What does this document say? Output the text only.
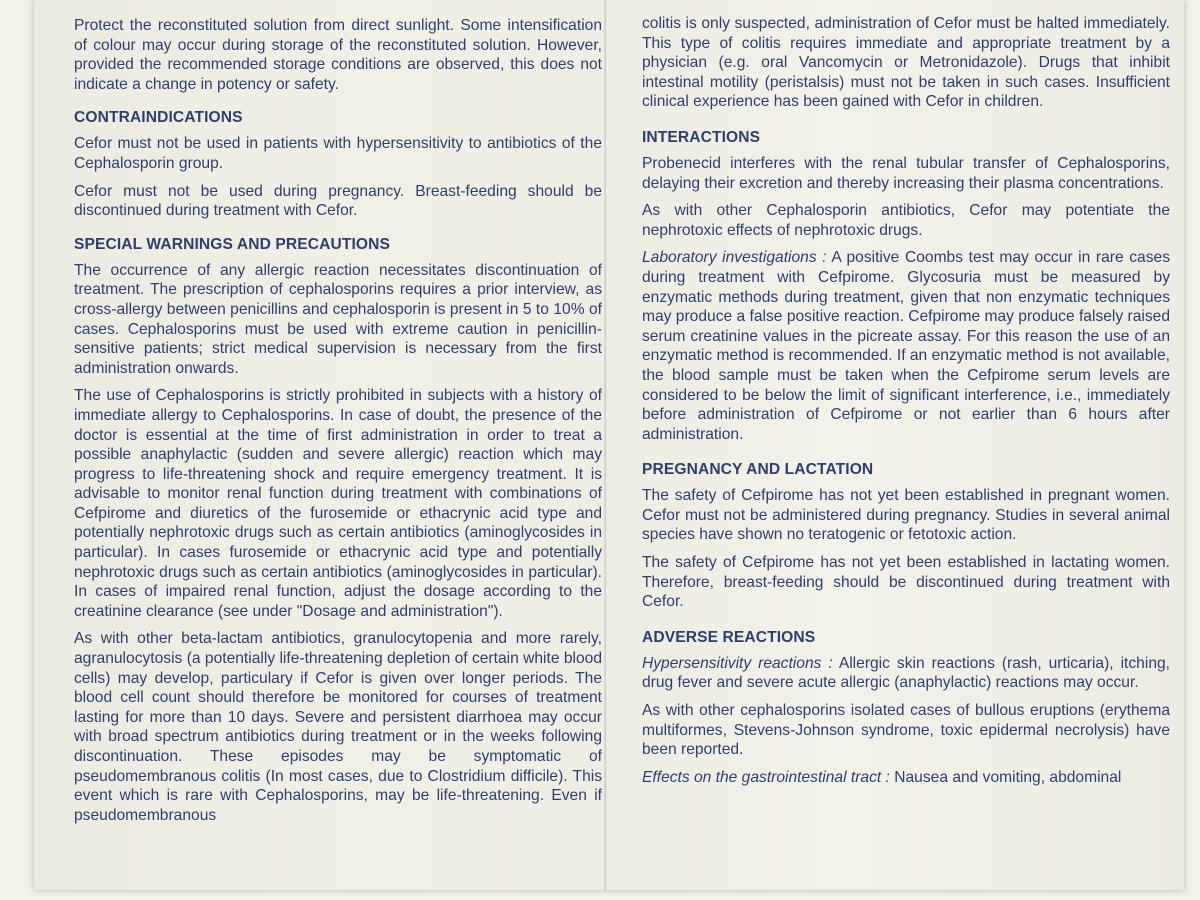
Protect the reconstituted solution from direct sunlight. Some intensification of colour may occur during storage of the reconstituted solution. However, provided the recommended storage conditions are observed, this does not indicate a change in potency or safety.

CONTRAINDICATIONS

Cefor must not be used in patients with hypersensitivity to antibiotics of the Cephalosporin group.

Cefor must not be used during pregnancy. Breast-feeding should be discontinued during treatment with Cefor.

SPECIAL WARNINGS AND PRECAUTIONS

The occurrence of any allergic reaction necessitates discontinuation of treatment. The prescription of cephalosporins requires a prior interview, as cross-allergy between penicillins and cephalosporin is present in 5 to 10% of cases. Cephalosporins must be used with extreme caution in penicillin-sensitive patients; strict medical supervision is necessary from the first administration onwards.

The use of Cephalosporins is strictly prohibited in subjects with a history of immediate allergy to Cephalosporins. In case of doubt, the presence of the doctor is essential at the time of first administration in order to treat a possible anaphylactic (sudden and severe allergic) reaction which may progress to life-threatening shock and require emergency treatment. It is advisable to monitor renal function during treatment with combinations of Cefpirome and diuretics of the furosemide or ethacrynic acid type and potentially nephrotoxic drugs such as certain antibiotics (aminoglycosides in particular). In cases furosemide or ethacrynic acid type and potentially nephrotoxic drugs such as certain antibiotics (aminoglycosides in particular). In cases of impaired renal function, adjust the dosage according to the creatinine clearance (see under "Dosage and administration").

As with other beta-lactam antibiotics, granulocytopenia and more rarely, agranulocytosis (a potentially life-threatening depletion of certain white blood cells) may develop, particulary if Cefor is given over longer periods. The blood cell count should therefore be monitored for courses of treatment lasting for more than 10 days. Severe and persistent diarrhoea may occur with broad spectrum antibiotics during treatment or in the weeks following discontinuation. These episodes may be symptomatic of pseudomembranous colitis (In most cases, due to Clostridium difficile). This event which is rare with Cephalosporins, may be life-threatening. Even if pseudomembranous

colitis is only suspected, administration of Cefor must be halted immediately. This type of colitis requires immediate and appropriate treatment by a physician (e.g. oral Vancomycin or Metronidazole). Drugs that inhibit intestinal motility (peristalsis) must not be taken in such cases. Insufficient clinical experience has been gained with Cefor in children.

INTERACTIONS

Probenecid interferes with the renal tubular transfer of Cephalosporins, delaying their excretion and thereby increasing their plasma concentrations.

As with other Cephalosporin antibiotics, Cefor may potentiate the nephrotoxic effects of nephrotoxic drugs.

Laboratory investigations : A positive Coombs test may occur in rare cases during treatment with Cefpirome. Glycosuria must be measured by enzymatic methods during treatment, given that non enzymatic techniques may produce a false positive reaction. Cefpirome may produce falsely raised serum creatinine values in the picreate assay. For this reason the use of an enzymatic method is recommended. If an enzymatic method is not available, the blood sample must be taken when the Cefpirome serum levels are considered to be below the limit of significant interference, i.e., immediately before administration of Cefpirome or not earlier than 6 hours after administration.

PREGNANCY AND LACTATION

The safety of Cefpirome has not yet been established in pregnant women. Cefor must not be administered during pregnancy. Studies in several animal species have shown no teratogenic or fetotoxic action.

The safety of Cefpirome has not yet been established in lactating women. Therefore, breast-feeding should be discontinued during treatment with Cefor.

ADVERSE REACTIONS

Hypersensitivity reactions : Allergic skin reactions (rash, urticaria), itching, drug fever and severe acute allergic (anaphylactic) reactions may occur.

As with other cephalosporins isolated cases of bullous eruptions (erythema multiformes, Stevens-Johnson syndrome, toxic epidermal necrolysis) have been reported.

Effects on the gastrointestinal tract : Nausea and vomiting, abdominal
